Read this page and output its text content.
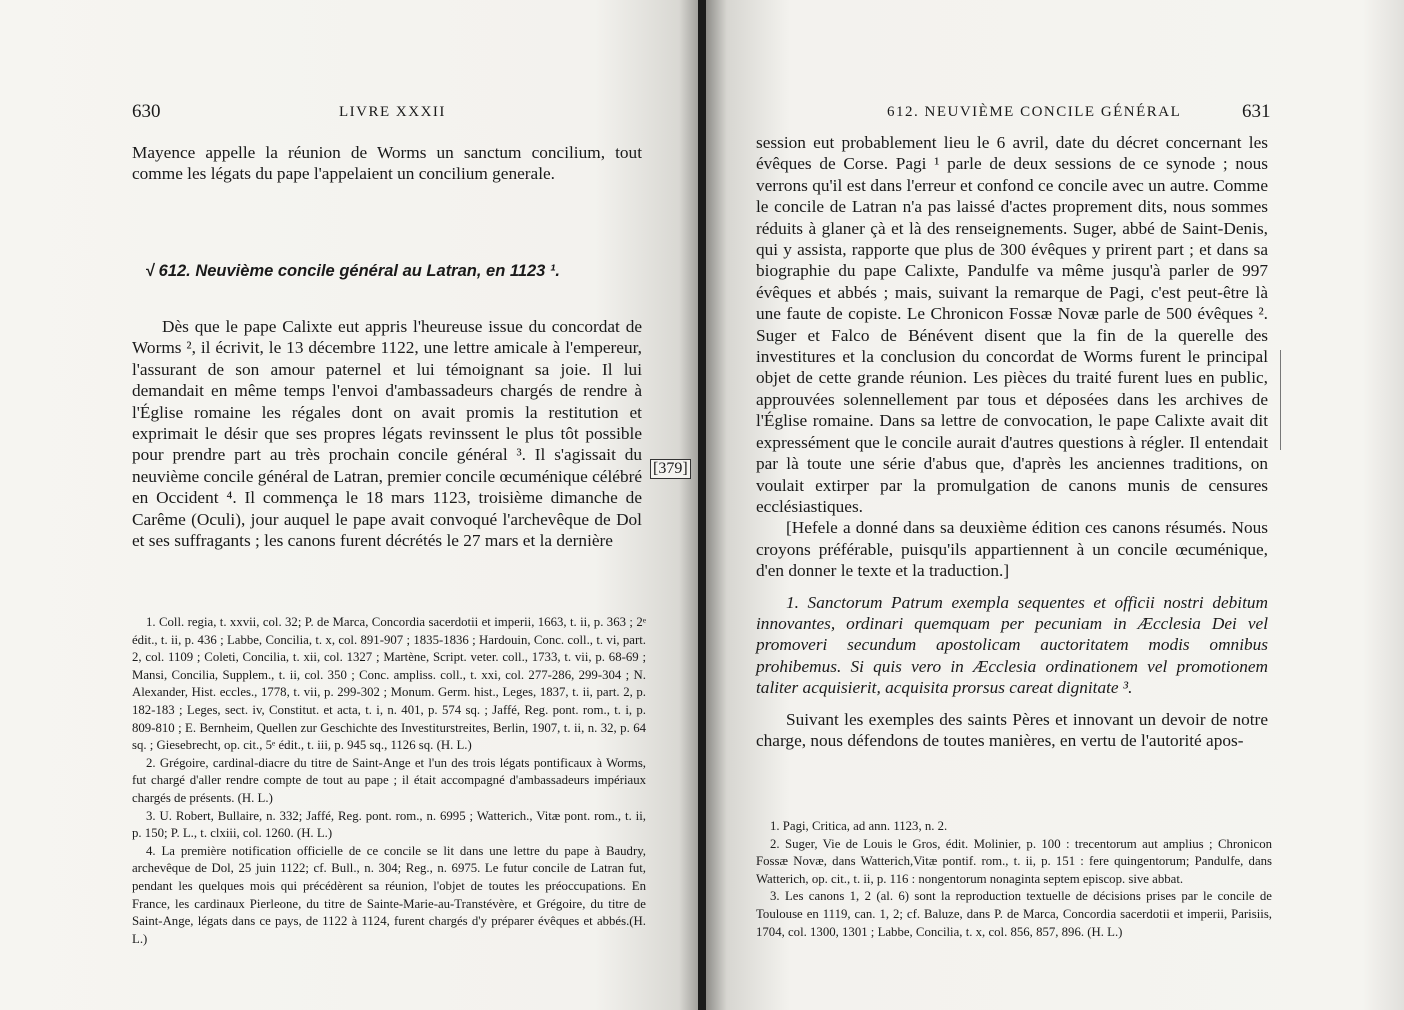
630	LIVRE XXXII

Mayence appelle la réunion de Worms un sanctum concilium, tout comme les légats du pape l'appelaient un concilium generale.

√ 612. Neuvième concile général au Latran, en 1123 ¹.

Dès que le pape Calixte eut appris l'heureuse issue du concordat de Worms ², il écrivit, le 13 décembre 1122, une lettre amicale à l'empereur, l'assurant de son amour paternel et lui témoignant sa joie. Il lui demandait en même temps l'envoi d'ambassadeurs chargés de rendre à l'Église romaine les régales dont on avait promis la restitution et exprimait le désir que ses propres légats revinssent le plus tôt possible pour prendre part au très prochain concile général ³. Il s'agissait du neuvième concile général de Latran, premier concile œcuménique célébré en Occident ⁴. Il commença le 18 mars 1123, troisième dimanche de Carême (Oculi), jour auquel le pape avait convoqué l'archevêque de Dol et ses suffragants ; les canons furent décrétés le 27 mars et la dernière

[379]

1. Coll. regia, t. xxvii, col. 32; P. de Marca, Concordia sacerdotii et imperii, 1663, t. ii, p. 363 ; 2ᵉ édit., t. ii, p. 436 ; Labbe, Concilia, t. x, col. 891-907 ; 1835-1836 ; Hardouin, Conc. coll., t. vi, part. 2, col. 1109 ; Coleti, Concilia, t. xii, col. 1327 ; Martène, Script. veter. coll., 1733, t. vii, p. 68-69 ; Mansi, Concilia, Supplem., t. ii, col. 350 ; Conc. ampliss. coll., t. xxi, col. 277-286, 299-304 ; N. Alexander, Hist. eccles., 1778, t. vii, p. 299-302 ; Monum. Germ. hist., Leges, 1837, t. ii, part. 2, p. 182-183 ; Leges, sect. iv, Constitut. et acta, t. i, n. 401, p. 574 sq. ; Jaffé, Reg. pont. rom., t. i, p. 809-810 ; E. Bernheim, Quellen zur Geschichte des Investiturstreites, Berlin, 1907, t. ii, n. 32, p. 64 sq. ; Giesebrecht, op. cit., 5ᵉ édit., t. iii, p. 945 sq., 1126 sq. (H. L.)

2. Grégoire, cardinal-diacre du titre de Saint-Ange et l'un des trois légats pontificaux à Worms, fut chargé d'aller rendre compte de tout au pape ; il était accompagné d'ambassadeurs impériaux chargés de présents. (H. L.)

3. U. Robert, Bullaire, n. 332; Jaffé, Reg. pont. rom., n. 6995 ; Watterich., Vitæ pont. rom., t. ii, p. 150; P. L., t. clxiii, col. 1260. (H. L.)

4. La première notification officielle de ce concile se lit dans une lettre du pape à Baudry, archevêque de Dol, 25 juin 1122; cf. Bull., n. 304; Reg., n. 6975. Le futur concile de Latran fut, pendant les quelques mois qui précédèrent sa réunion, l'objet de toutes les préoccupations. En France, les cardinaux Pierleone, du titre de Sainte-Marie-au-Transtévère, et Grégoire, du titre de Saint-Ange, légats dans ce pays, de 1122 à 1124, furent chargés d'y préparer évêques et abbés.(H. L.)

612. NEUVIÈME CONCILE GÉNÉRAL	631

session eut probablement lieu le 6 avril, date du décret concernant les évêques de Corse. Pagi ¹ parle de deux sessions de ce synode ; nous verrons qu'il est dans l'erreur et confond ce concile avec un autre. Comme le concile de Latran n'a pas laissé d'actes proprement dits, nous sommes réduits à glaner çà et là des renseignements. Suger, abbé de Saint-Denis, qui y assista, rapporte que plus de 300 évêques y prirent part ; et dans sa biographie du pape Calixte, Pandulfe va même jusqu'à parler de 997 évêques et abbés ; mais, suivant la remarque de Pagi, c'est peut-être là une faute de copiste. Le Chronicon Fossæ Novæ parle de 500 évêques ². Suger et Falco de Bénévent disent que la fin de la querelle des investitures et la conclusion du concordat de Worms furent le principal objet de cette grande réunion. Les pièces du traité furent lues en public, approuvées solennellement par tous et déposées dans les archives de l'Église romaine. Dans sa lettre de convocation, le pape Calixte avait dit expressément que le concile aurait d'autres questions à régler. Il entendait par là toute une série d'abus que, d'après les anciennes traditions, on voulait extirper par la promulgation de canons munis de censures ecclésiastiques.

[Hefele a donné dans sa deuxième édition ces canons résumés. Nous croyons préférable, puisqu'ils appartiennent à un concile œcuménique, d'en donner le texte et la traduction.]

1. Sanctorum Patrum exempla sequentes et officii nostri debitum innovantes, ordinari quemquam per pecuniam in Æcclesia Dei vel promoveri secundum apostolicam auctoritatem modis omnibus prohibemus. Si quis vero in Æcclesia ordinationem vel promotionem taliter acquisierit, acquisita prorsus careat dignitate ³.

Suivant les exemples des saints Pères et innovant un devoir de notre charge, nous défendons de toutes manières, en vertu de l'autorité apos-

1. Pagi, Critica, ad ann. 1123, n. 2.

2. Suger, Vie de Louis le Gros, édit. Molinier, p. 100 : trecentorum aut amplius ; Chronicon Fossæ Novæ, dans Watterich,Vitæ pontif. rom., t. ii, p. 151 : fere quingentorum; Pandulfe, dans Watterich, op. cit., t. ii, p. 116 : nongentorum nonaginta septem episcop. sive abbat.

3. Les canons 1, 2 (al. 6) sont la reproduction textuelle de décisions prises par le concile de Toulouse en 1119, can. 1, 2; cf. Baluze, dans P. de Marca, Concordia sacerdotii et imperii, Parisiis, 1704, col. 1300, 1301 ; Labbe, Concilia, t. x, col. 856, 857, 896. (H. L.)
